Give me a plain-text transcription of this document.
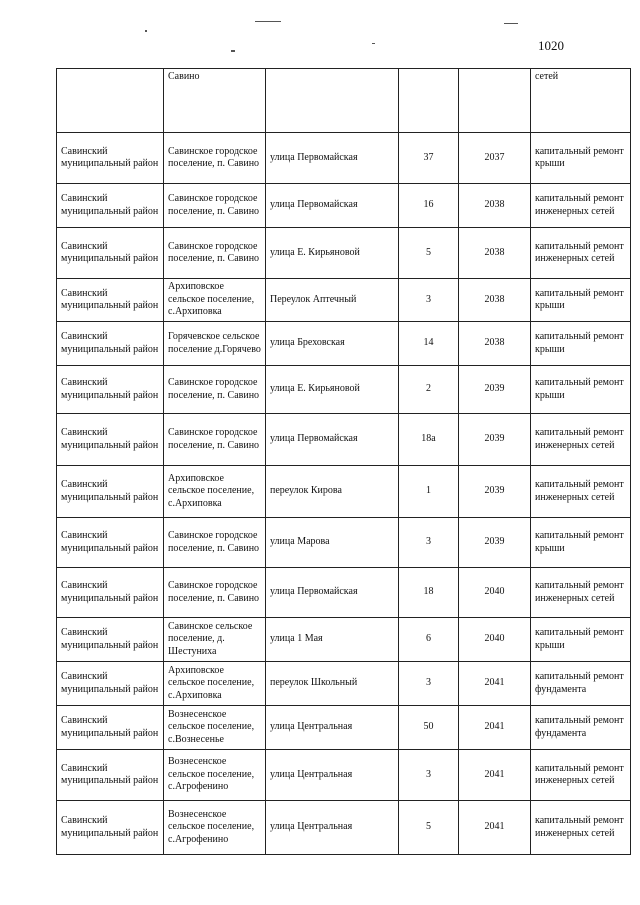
1020
	Савино				сетей
Савинский муниципальный район	Савинское городское поселение, п. Савино	улица Первомайская	37	2037	капитальный ремонт крыши
Савинский муниципальный район	Савинское городское поселение, п. Савино	улица Первомайская	16	2038	капитальный ремонт инженерных сетей
Савинский муниципальный район	Савинское городское поселение, п. Савино	улица Е. Кирьяновой	5	2038	капитальный ремонт инженерных сетей
Савинский муниципальный район	Архиповское сельское поселение, с.Архиповка	Переулок Аптечный	3	2038	капитальный ремонт крыши
Савинский муниципальный район	Горячевское сельское поселение д.Горячево	улица Бреховская	14	2038	капитальный ремонт крыши
Савинский муниципальный район	Савинское городское поселение, п. Савино	улица Е. Кирьяновой	2	2039	капитальный ремонт крыши
Савинский муниципальный район	Савинское городское поселение, п. Савино	улица Первомайская	18а	2039	капитальный ремонт инженерных сетей
Савинский муниципальный район	Архиповское сельское поселение, с.Архиповка	переулок Кирова	1	2039	капитальный ремонт инженерных сетей
Савинский муниципальный район	Савинское городское поселение, п. Савино	улица Марова	3	2039	капитальный ремонт крыши
Савинский муниципальный район	Савинское городское поселение, п. Савино	улица Первомайская	18	2040	капитальный ремонт инженерных сетей
Савинский муниципальный район	Савинское сельское поселение, д. Шестуниха	улица 1 Мая	6	2040	капитальный ремонт крыши
Савинский муниципальный район	Архиповское сельское поселение, с.Архиповка	переулок Школьный	3	2041	капитальный ремонт фундамента
Савинский муниципальный район	Вознесенское сельское поселение, с.Вознесенье	улица Центральная	50	2041	капитальный ремонт фундамента
Савинский муниципальный район	Вознесенское сельское поселение, с.Агрофенино	улица Центральная	3	2041	капитальный ремонт инженерных сетей
Савинский муниципальный район	Вознесенское сельское поселение, с.Агрофенино	улица Центральная	5	2041	капитальный ремонт инженерных сетей
